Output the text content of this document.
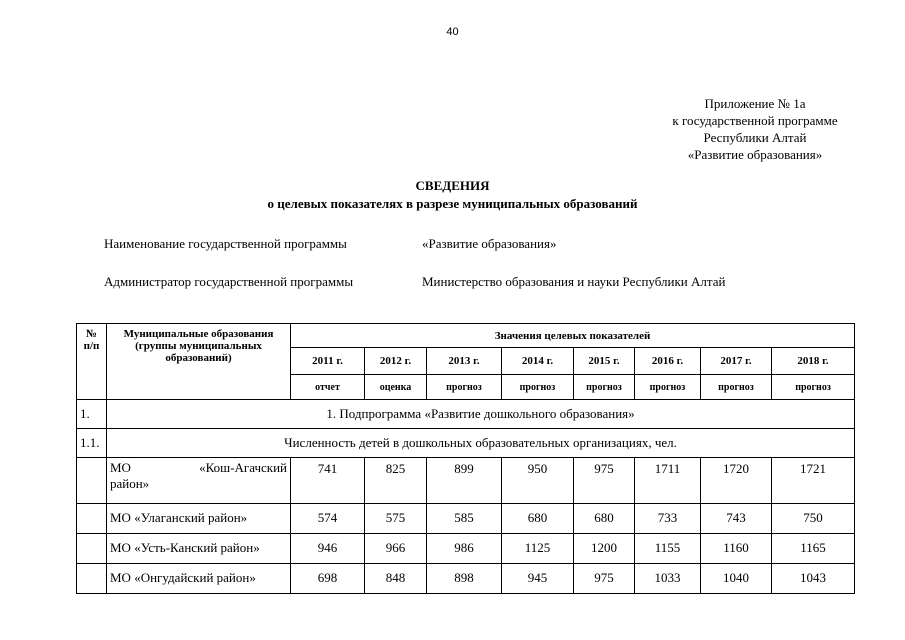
40
Приложение № 1а
к государственной программе
Республики Алтай
«Развитие образования»
СВЕДЕНИЯ
о целевых показателях в разрезе муниципальных образований
Наименование государственной программы	«Развитие образования»
Администратор государственной программы	Министерство образования и науки Республики Алтай
№ п/п	Муниципальные образования (группы муниципальных образований)	Значения целевых показателей							
		2011 г.	2012 г.	2013 г.	2014 г.	2015 г.	2016 г.	2017 г.	2018 г.
		отчет	оценка	прогноз	прогноз	прогноз	прогноз	прогноз	прогноз
1.	1. Подпрограмма «Развитие дошкольного образования»								
1.1.	Численность детей в дошкольных образовательных организациях, чел.								

	МО «Кош-Агачский
район»	741	825	899	950	975	1711	1720	1721
	МО «Улаганский район»	574	575	585	680	680	733	743	750
	МО «Усть-Канский район»	946	966	986	1125	1200	1155	1160	1165
	МО «Онгудайский район»	698	848	898	945	975	1033	1040	1043
